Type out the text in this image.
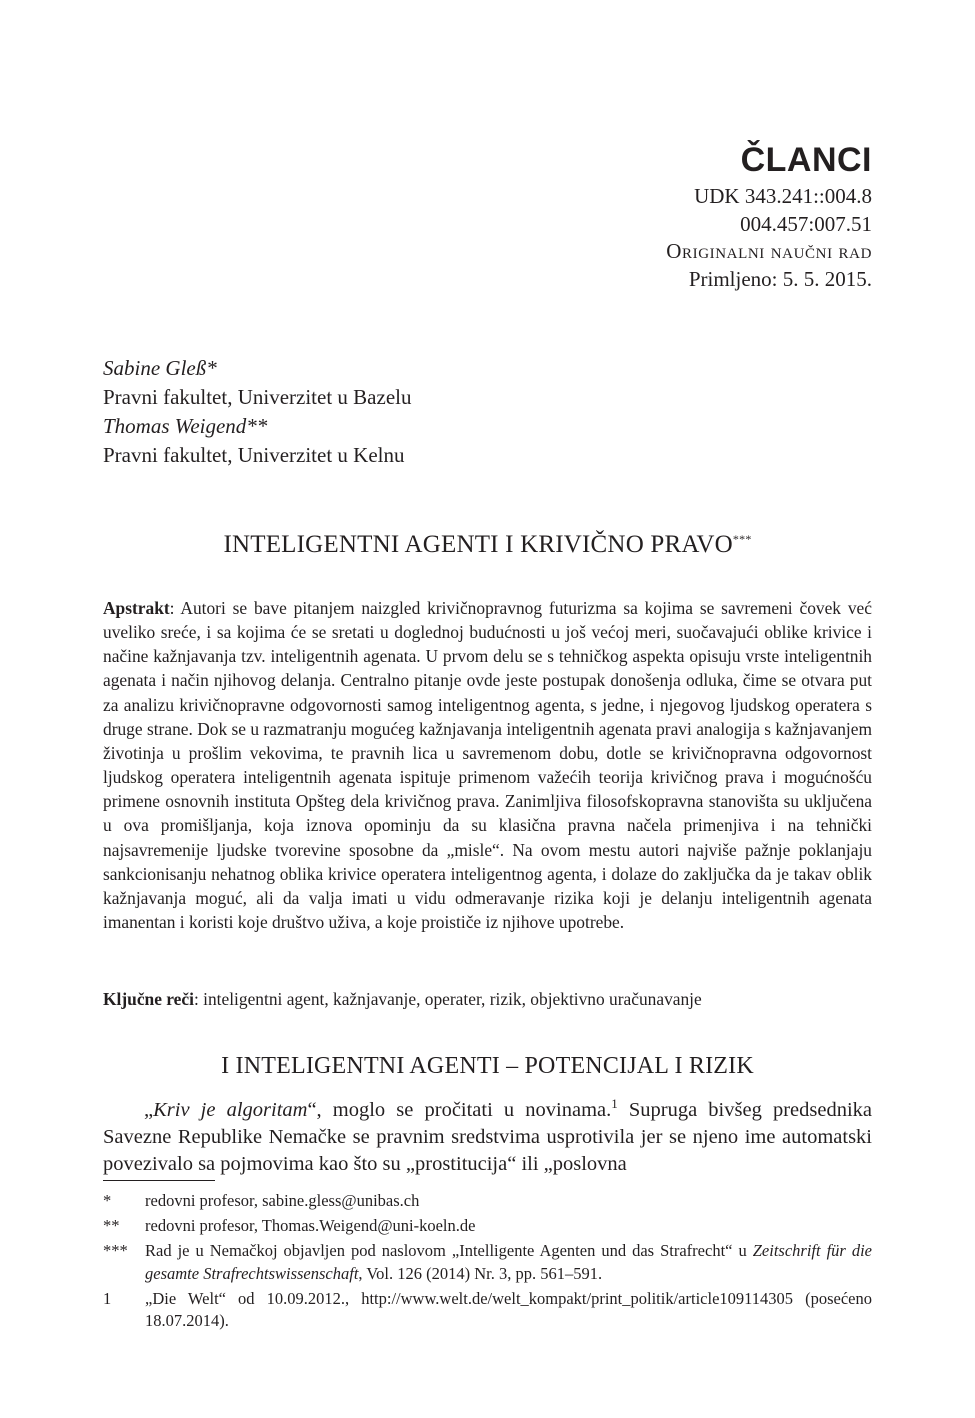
ČLANCI
UDK 343.241::004.8
004.457:007.51
Originalni naučni rad
Primljeno: 5. 5. 2015.
Sabine Gleß*
Pravni fakultet, Univerzitet u Bazelu
Thomas Weigend**
Pravni fakultet, Univerzitet u Kelnu
INTELIGENTNI AGENTI I KRIVIČNO PRAVO***
Apstrakt: Autori se bave pitanjem naizgled krivičnopravnog futurizma sa kojima se savremeni čovek već uveliko sreće, i sa kojima će se sretati u doglednoj budućnosti u još većoj meri, suočavajući oblike krivice i načine kažnjavanja tzv. inteligentnih agenata. U prvom delu se s tehničkog aspekta opisuju vrste inteligentnih agenata i način njihovog delanja. Centralno pitanje ovde jeste postupak donošenja odluka, čime se otvara put za analizu krivičnopravne odgovornosti samog inteligentnog agenta, s jedne, i njegovog ljudskog operatera s druge strane. Dok se u razmatranju mogućeg kažnjavanja inteligentnih agenata pravi analogija s kažnjavanjem životinja u prošlim vekovima, te pravnih lica u savremenom dobu, dotle se krivičnopravna odgovornost ljudskog operatera inteligentnih agenata ispituje primenom važećih teorija krivičnog prava i mogućnošću primene osnovnih instituta Opšteg dela krivičnog prava. Zanimljiva filosofskopravna stanovišta su uključena u ova promišljanja, koja iznova opominju da su klasična pravna načela primenjiva i na tehnički najsavremenije ljudske tvorevine sposobne da „misle“. Na ovom mestu autori najviše pažnje poklanjaju sankcionisanju nehatnog oblika krivice operatera inteligentnog agenta, i dolaze do zaključka da je takav oblik kažnjavanja moguć, ali da valja imati u vidu odmeravanje rizika koji je delanju inteligentnih agenata imanentan i koristi koje društvo uživa, a koje proističe iz njihove upotrebe.
Ključne reči: inteligentni agent, kažnjavanje, operater, rizik, objektivno uračunavanje
I INTELIGENTNI AGENTI – POTENCIJAL I RIZIK
„Kriv je algoritam“, moglo se pročitati u novinama.$^1$ Supruga bivšeg predsednika Savezne Republike Nemačke se pravnim sredstvima usprotivila jer se njeno ime automatski povezivalo sa pojmovima kao što su „prostitucija“ ili „poslovna
*	redovni profesor, sabine.gless@unibas.ch
**	redovni profesor, Thomas.Weigend@uni-koeln.de
***	Rad je u Nemačkoj objavljen pod naslovom „Intelligente Agenten und das Strafrecht“ u Zeitschrift für die gesamte Strafrechtswissenschaft, Vol. 126 (2014) Nr. 3, pp. 561–591.
1	„Die Welt“ od 10.09.2012., http://www.welt.de/welt_kompakt/print_politik/article109114305 (posećeno 18.07.2014).
